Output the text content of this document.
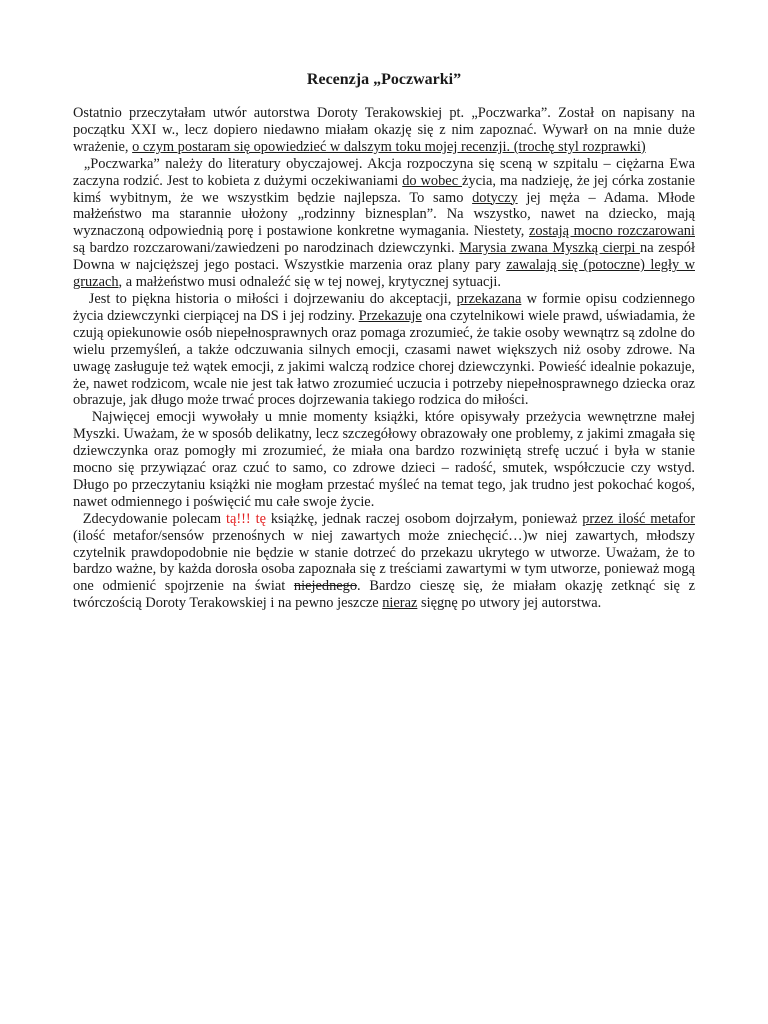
Recenzja „Poczwarki”

Ostatnio przeczytałam utwór autorstwa Doroty Terakowskiej pt. „Poczwarka”. Został on napisany na początku XXI w., lecz dopiero niedawno miałam okazję się z nim zapoznać. Wywarł on na mnie duże wrażenie, o czym postaram się opowiedzieć w dalszym toku mojej recenzji. (trochę styl rozprawki)

„Poczwarka” należy do literatury obyczajowej. Akcja rozpoczyna się sceną w szpitalu – ciężarna Ewa zaczyna rodzić. Jest to kobieta z dużymi oczekiwaniami do wobec życia, ma nadzieję, że jej córka zostanie kimś wybitnym, że we wszystkim będzie najlepsza. To samo dotyczy jej męża – Adama. Młode małżeństwo ma starannie ułożony „rodzinny biznesplan”. Na wszystko, nawet na dziecko, mają wyznaczoną odpowiednią porę i postawione konkretne wymagania. Niestety, zostają mocno rozczarowani są bardzo rozczarowani/zawiedzeni po narodzinach dziewczynki. Marysia zwana Myszką cierpi na zespół Downa w najcięższej jego postaci. Wszystkie marzenia oraz plany pary zawalają się (potoczne) legły w gruzach, a małżeństwo musi odnaleźć się w tej nowej, krytycznej sytuacji.

Jest to piękna historia o miłości i dojrzewaniu do akceptacji, przekazana w formie opisu codziennego życia dziewczynki cierpiącej na DS i jej rodziny. Przekazuje ona czytelnikowi wiele prawd, uświadamia, że czują opiekunowie osób niepełnosprawnych oraz pomaga zrozumieć, że takie osoby wewnątrz są zdolne do wielu przemyśleń, a także odczuwania silnych emocji, czasami nawet większych niż osoby zdrowe. Na uwagę zasługuje też wątek emocji, z jakimi walczą rodzice chorej dziewczynki. Powieść idealnie pokazuje, że, nawet rodzicom, wcale nie jest tak łatwo zrozumieć uczucia i potrzeby niepełnosprawnego dziecka oraz obrazuje, jak długo może trwać proces dojrzewania takiego rodzica do miłości.

Najwięcej emocji wywołały u mnie momenty książki, które opisywały przeżycia wewnętrzne małej Myszki. Uważam, że w sposób delikatny, lecz szczegółowy obrazowały one problemy, z jakimi zmagała się dziewczynka oraz pomogły mi zrozumieć, że miała ona bardzo rozwiniętą strefę uczuć i była w stanie mocno się przywiązać oraz czuć to samo, co zdrowe dzieci – radość, smutek, współczucie czy wstyd. Długo po przeczytaniu książki nie mogłam przestać myśleć na temat tego, jak trudno jest pokochać kogoś, nawet odmiennego i poświęcić mu całe swoje życie.

Zdecydowanie polecam tą!!! tę książkę, jednak raczej osobom dojrzałym, ponieważ przez ilość metafor (ilość metafor/sensów przenośnych w niej zawartych może zniechęcić…)w niej zawartych, młodszy czytelnik prawdopodobnie nie będzie w stanie dotrzeć do przekazu ukrytego w utworze. Uważam, że to bardzo ważne, by każda dorosła osoba zapoznała się z treściami zawartymi w tym utworze, ponieważ mogą one odmienić spojrzenie na świat niejednego. Bardzo cieszę się, że miałam okazję zetknąć się z twórczością Doroty Terakowskiej i na pewno jeszcze nieraz sięgnę po utwory jej autorstwa.
